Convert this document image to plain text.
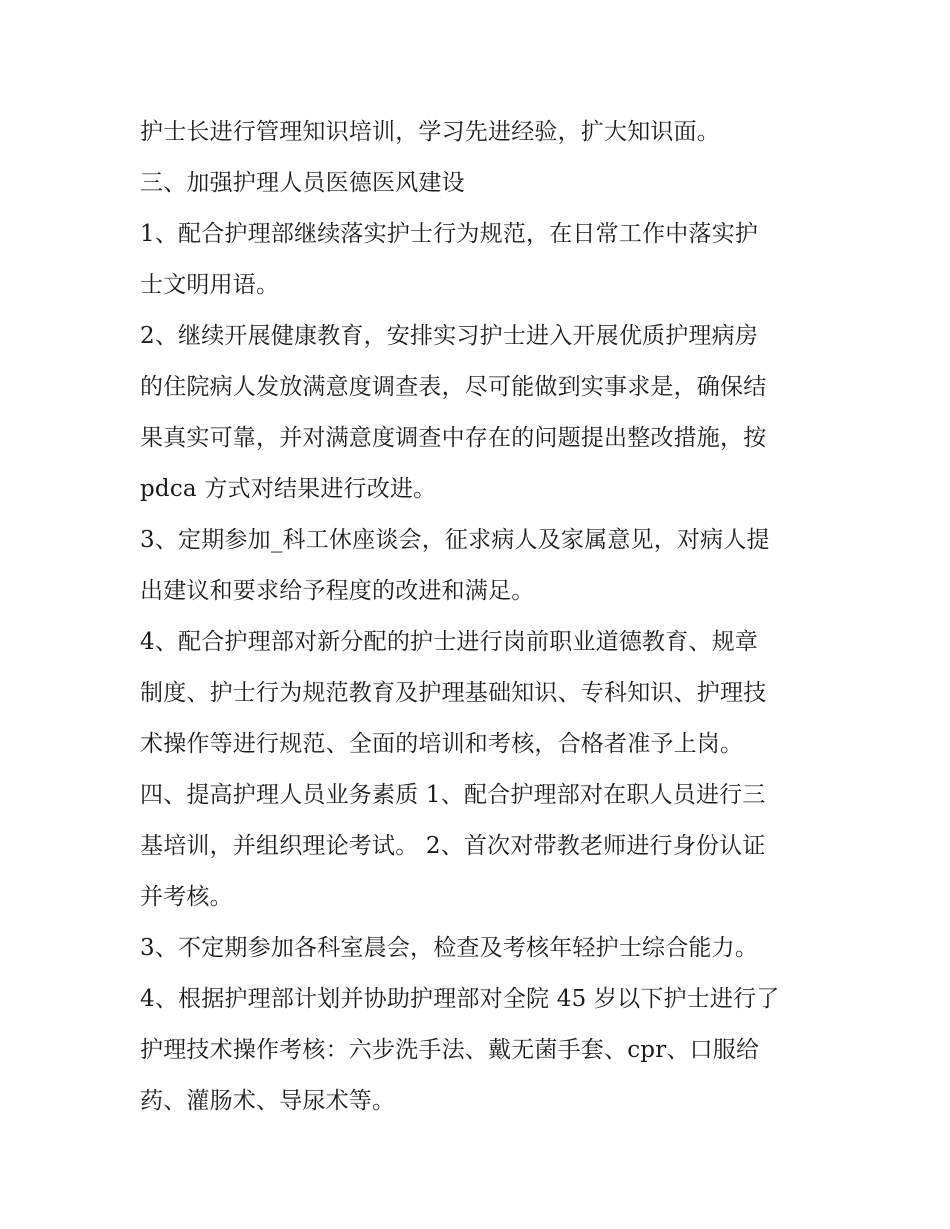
护士长进行管理知识培训，学习先进经验，扩大知识面。
三、加强护理人员医德医风建设
1、配合护理部继续落实护士行为规范，在日常工作中落实护
士文明用语。
2、继续开展健康教育，安排实习护士进入开展优质护理病房
的住院病人发放满意度调查表，尽可能做到实事求是，确保结
果真实可靠，并对满意度调查中存在的问题提出整改措施，按
pdca 方式对结果进行改进。
3、定期参加_科工休座谈会，征求病人及家属意见，对病人提
出建议和要求给予程度的改进和满足。
4、配合护理部对新分配的护士进行岗前职业道德教育、规章
制度、护士行为规范教育及护理基础知识、专科知识、护理技
术操作等进行规范、全面的培训和考核，合格者准予上岗。
四、提高护理人员业务素质 1、配合护理部对在职人员进行三
基培训，并组织理论考试。 2、首次对带教老师进行身份认证
并考核。
3、不定期参加各科室晨会，检查及考核年轻护士综合能力。
4、根据护理部计划并协助护理部对全院 45 岁以下护士进行了
护理技术操作考核：六步洗手法、戴无菌手套、cpr、口服给
药、灌肠术、导尿术等。
